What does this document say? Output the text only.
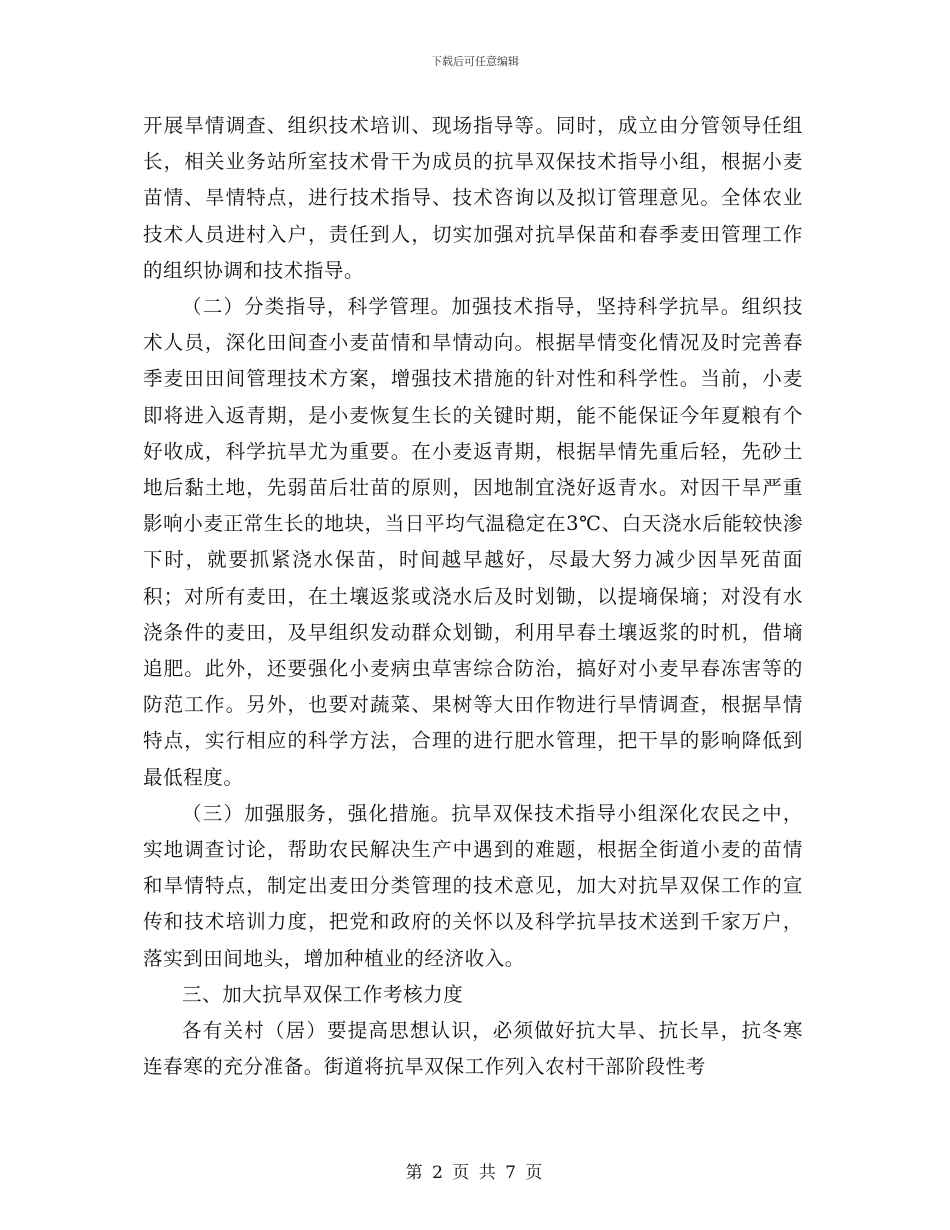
下载后可任意编辑

开展旱情调查、组织技术培训、现场指导等。同时，成立由分管领导任组长，相关业务站所室技术骨干为成员的抗旱双保技术指导小组，根据小麦苗情、旱情特点，进行技术指导、技术咨询以及拟订管理意见。全体农业技术人员进村入户，责任到人，切实加强对抗旱保苗和春季麦田管理工作的组织协调和技术指导。

（二）分类指导，科学管理。加强技术指导，坚持科学抗旱。组织技术人员，深化田间查小麦苗情和旱情动向。根据旱情变化情况及时完善春季麦田田间管理技术方案，增强技术措施的针对性和科学性。当前，小麦即将进入返青期，是小麦恢复生长的关键时期，能不能保证今年夏粮有个好收成，科学抗旱尤为重要。在小麦返青期，根据旱情先重后轻，先砂土地后黏土地，先弱苗后壮苗的原则，因地制宜浇好返青水。对因干旱严重影响小麦正常生长的地块，当日平均气温稳定在3℃、白天浇水后能较快渗下时，就要抓紧浇水保苗，时间越早越好，尽最大努力减少因旱死苗面积；对所有麦田，在土壤返浆或浇水后及时划锄，以提墒保墒；对没有水浇条件的麦田，及早组织发动群众划锄，利用早春土壤返浆的时机，借墒追肥。此外，还要强化小麦病虫草害综合防治，搞好对小麦早春冻害等的防范工作。另外，也要对蔬菜、果树等大田作物进行旱情调查，根据旱情特点，实行相应的科学方法，合理的进行肥水管理，把干旱的影响降低到最低程度。

（三）加强服务，强化措施。抗旱双保技术指导小组深化农民之中，实地调查讨论，帮助农民解决生产中遇到的难题，根据全街道小麦的苗情和旱情特点，制定出麦田分类管理的技术意见，加大对抗旱双保工作的宣传和技术培训力度，把党和政府的关怀以及科学抗旱技术送到千家万户，落实到田间地头，增加种植业的经济收入。

三、加大抗旱双保工作考核力度

各有关村（居）要提高思想认识，必须做好抗大旱、抗长旱，抗冬寒连春寒的充分准备。街道将抗旱双保工作列入农村干部阶段性考

第 2 页 共 7 页
